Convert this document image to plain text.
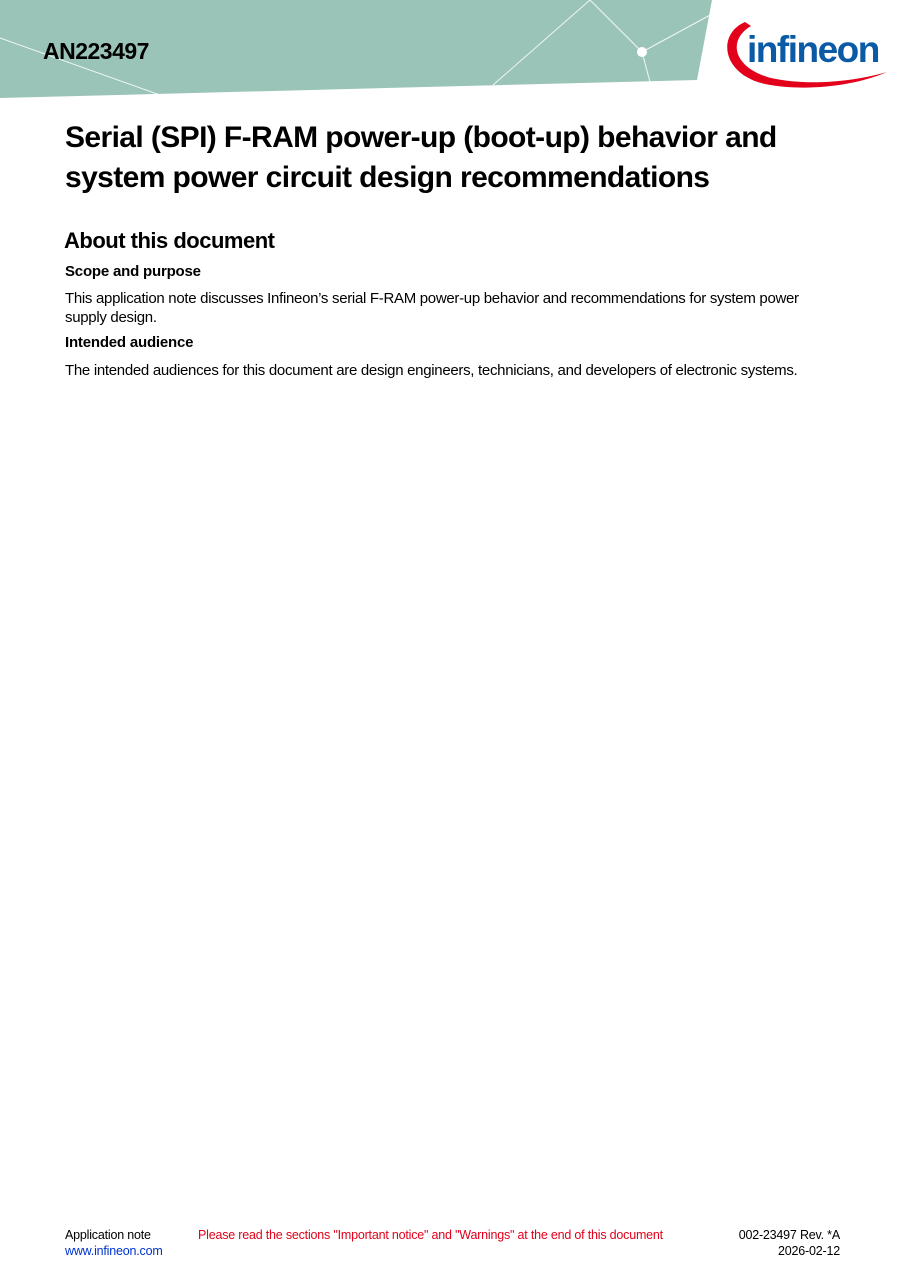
AN223497	infineon
Serial (SPI) F-RAM power-up (boot-up) behavior and system power circuit design recommendations
About this document
Scope and purpose

This application note discusses Infineon’s serial F-RAM power-up behavior and recommendations for system power supply design.

Intended audience

The intended audiences for this document are design engineers, technicians, and developers of electronic systems.

Application note
www.infineon.com
Please read the sections "Important notice" and "Warnings" at the end of this document	002-23497 Rev. *A
2026-02-12
